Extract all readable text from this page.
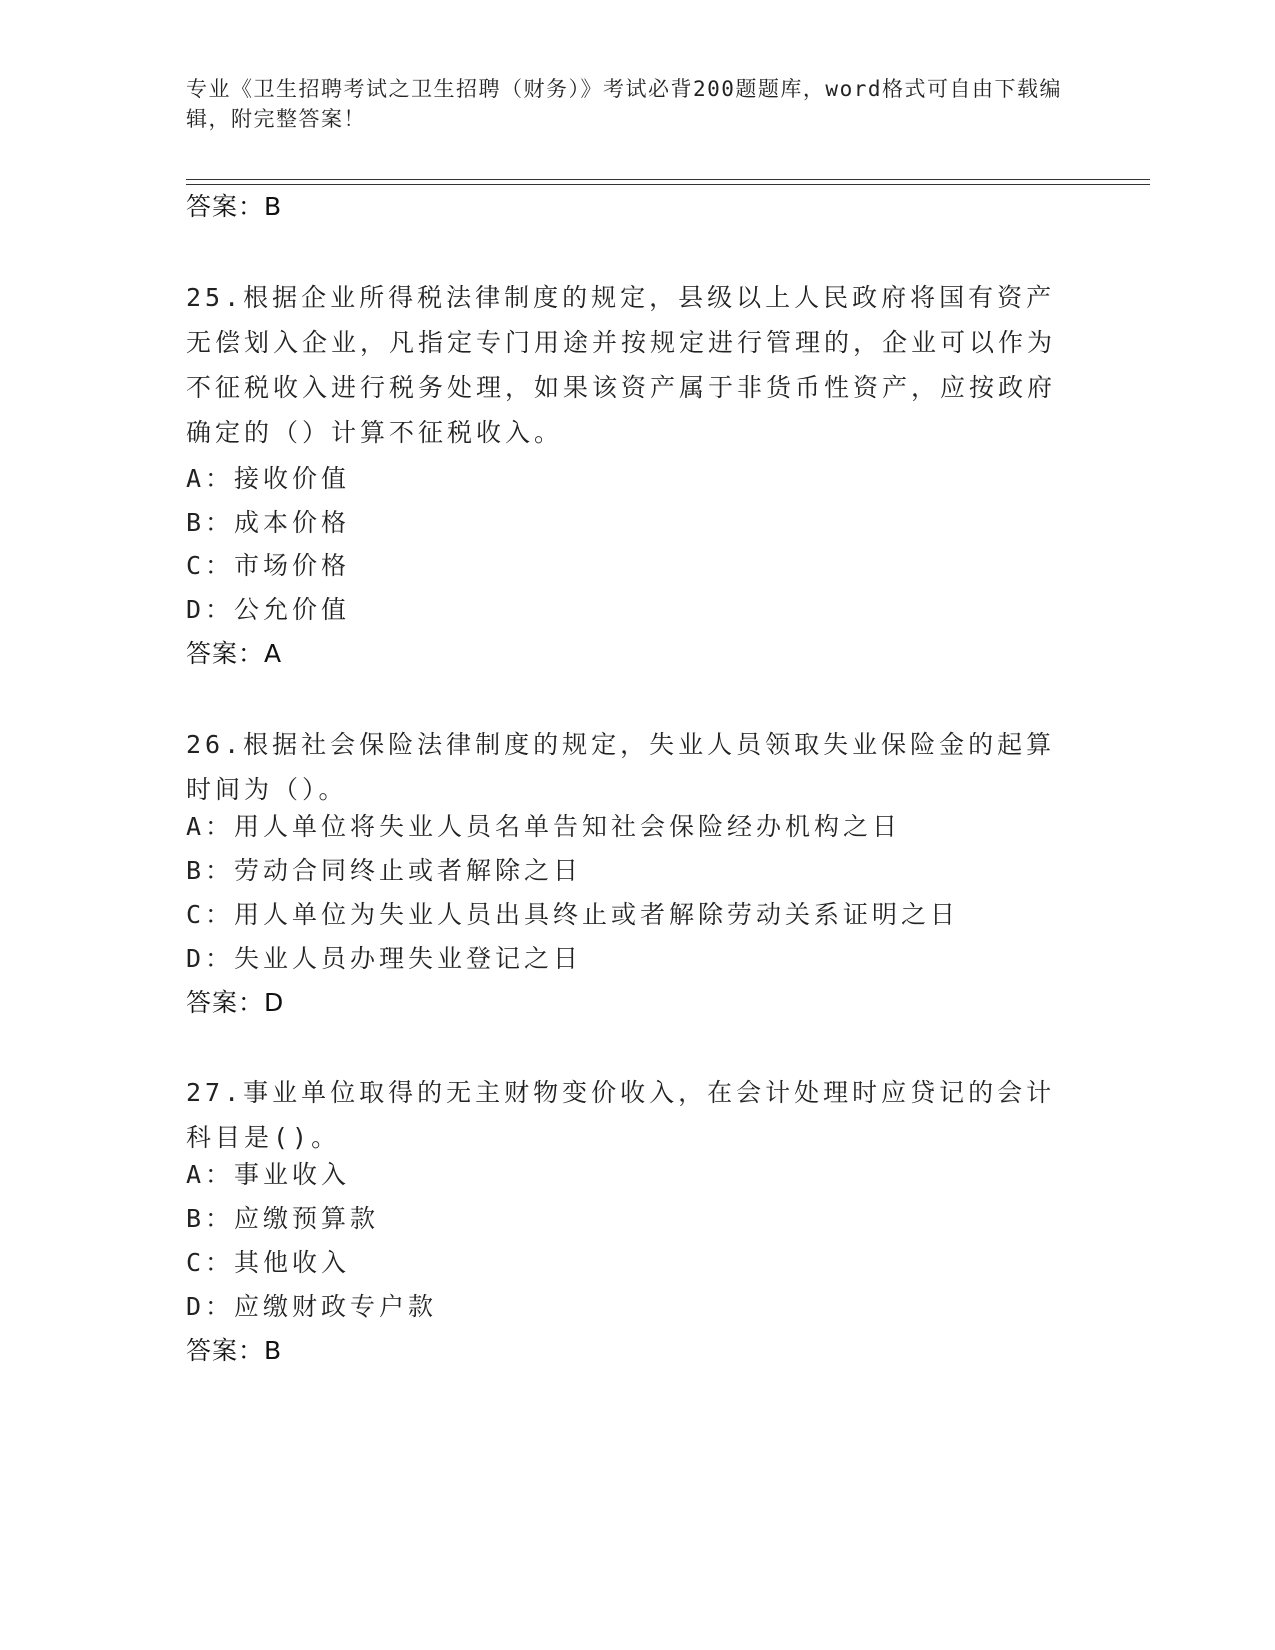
专业《卫生招聘考试之卫生招聘（财务）》考试必背200题题库，word格式可自由下载编辑，附完整答案！
答案：B
25.根据企业所得税法律制度的规定，县级以上人民政府将国有资产无偿划入企业，凡指定专门用途并按规定进行管理的，企业可以作为不征税收入进行税务处理，如果该资产属于非货币性资产，应按政府确定的（）计算不征税收入。
A：接收价值
B：成本价格
C：市场价格
D：公允价值
答案：A
26.根据社会保险法律制度的规定，失业人员领取失业保险金的起算时间为（）。
A：用人单位将失业人员名单告知社会保险经办机构之日
B：劳动合同终止或者解除之日
C：用人单位为失业人员出具终止或者解除劳动关系证明之日
D：失业人员办理失业登记之日
答案：D
27.事业单位取得的无主财物变价收入，在会计处理时应贷记的会计科目是()。
A：事业收入
B：应缴预算款
C：其他收入
D：应缴财政专户款
答案：B
